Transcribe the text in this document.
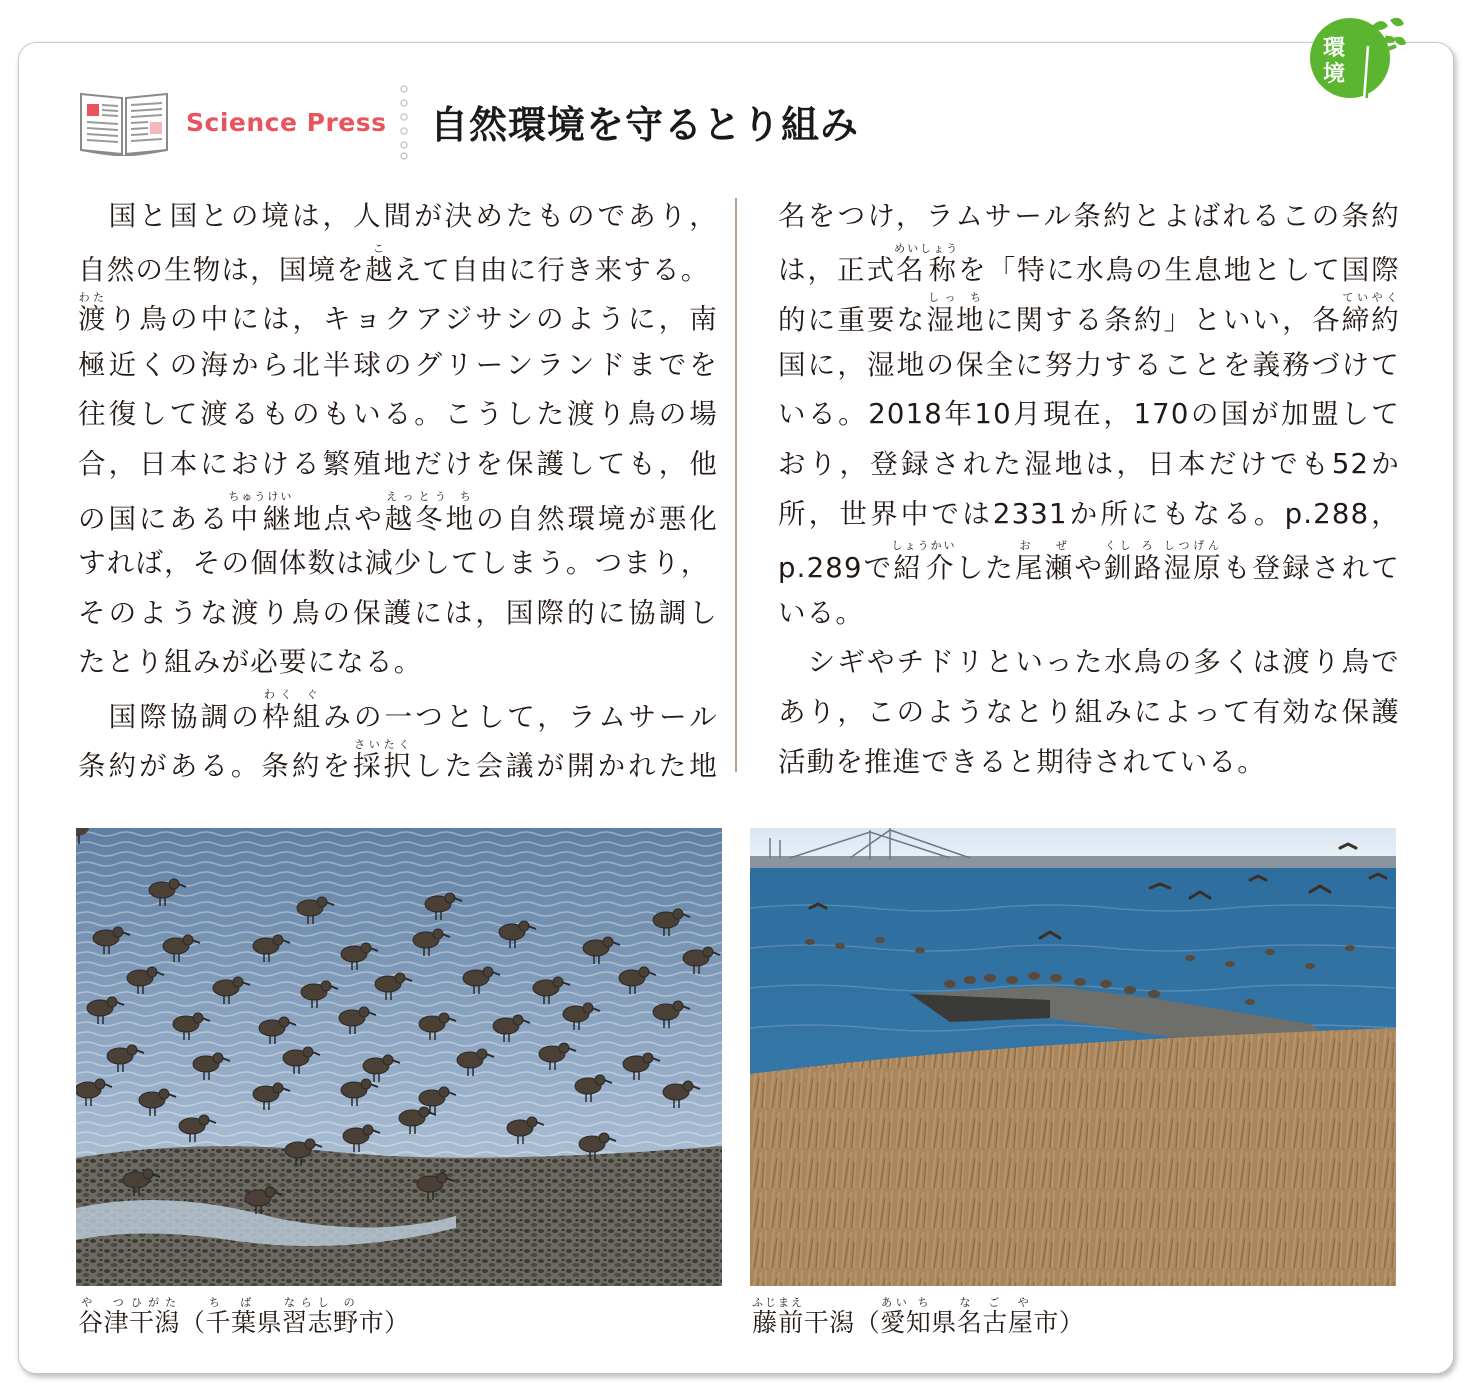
環
境
Science Press 自然環境を守るとり組み
　国と国との境は，人間が決めたものであり，
自然の生物は，国境を越こえて自由に行き来する。
渡わたり鳥の中には，キョクアジサシのように，南
極近くの海から北半球のグリーンランドまでを
往復して渡るものもいる。こうした渡り鳥の場
合，日本における繁殖地だけを保護しても，他
の国にある中継ちゅうけい地点や越冬地えっとう ちの自然環境が悪化
すれば，その個体数は減少してしまう。つまり，
そのような渡り鳥の保護には，国際的に協調し
たとり組みが必要になる。
　国際協調の枠組わく ぐみの一つとして，ラムサール
条約がある。条約を採択さいたくした会議が開かれた地
名をつけ，ラムサール条約とよばれるこの条約
は，正式名称めいしょうを「特に水鳥の生息地として国際
的に重要な湿地しっ ちに関する条約」といい，各締約ていやく
国に，湿地の保全に努力することを義務づけて
いる。2018年10月現在，170の国が加盟して
おり，登録された湿地は，日本だけでも52か
所，世界中では2331か所にもなる。p.288，
p.289で紹介しょうかいした尾瀬お ぜや釧路湿原くし ろ しつげんも登録されて
いる。
　シギやチドリといった水鳥の多くは渡り鳥で
あり，このようなとり組みによって有効な保護
活動を推進できると期待されている。
谷津や つ干潟ひがた（千葉ち ば県習志野ならし の市）	藤前ふじまえ干潟（愛知あい ち県名古屋な ご や市）
